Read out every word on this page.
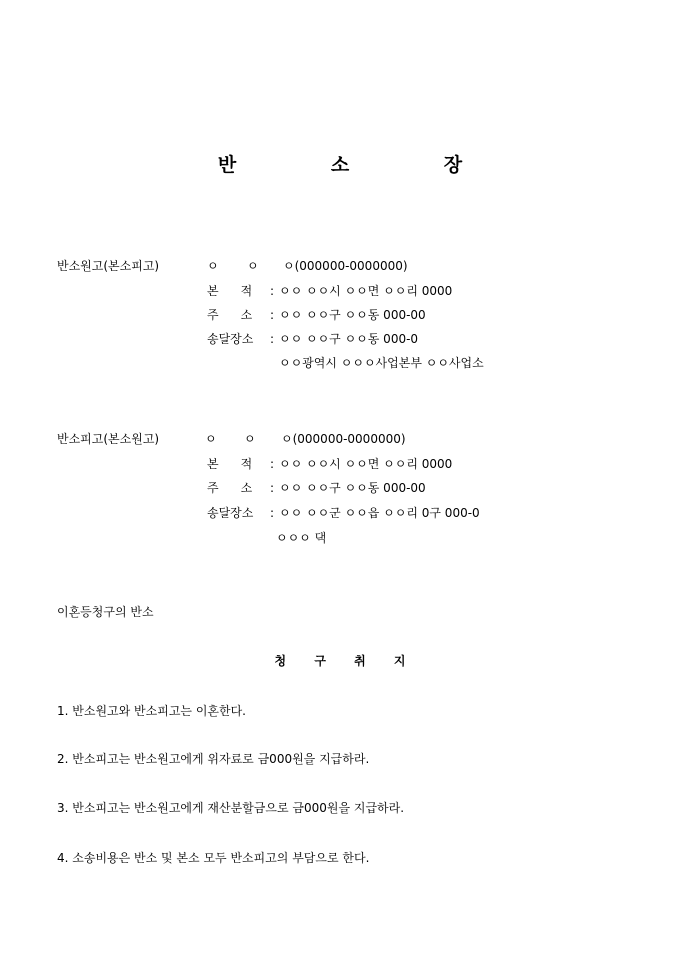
반	소	장
반소원고(본소피고)	ㅇ ㅇ ㅇ(000000-0000000)
본 적 : ㅇㅇ ㅇㅇ시 ㅇㅇ면 ㅇㅇ리 0000
주 소 : ㅇㅇ ㅇㅇ구 ㅇㅇ동 000-00
송달장소 : ㅇㅇ ㅇㅇ구 ㅇㅇ동 000-0
ㅇㅇ광역시 ㅇㅇㅇ사업본부 ㅇㅇ사업소
반소피고(본소원고)	ㅇ ㅇ ㅇ(000000-0000000)
본 적 : ㅇㅇ ㅇㅇ시 ㅇㅇ면 ㅇㅇ리 0000
주 소 : ㅇㅇ ㅇㅇ구 ㅇㅇ동 000-00
송달장소 : ㅇㅇ ㅇㅇ군 ㅇㅇ읍 ㅇㅇ리 0구 000-0
ㅇㅇㅇ 댁
이혼등청구의 반소
청 구 취 지
1. 반소원고와 반소피고는 이혼한다.
2. 반소피고는 반소원고에게 위자료로 금000원을 지급하라.
3. 반소피고는 반소원고에게 재산분할금으로 금000원을 지급하라.
4. 소송비용은 반소 및 본소 모두 반소피고의 부담으로 한다.
